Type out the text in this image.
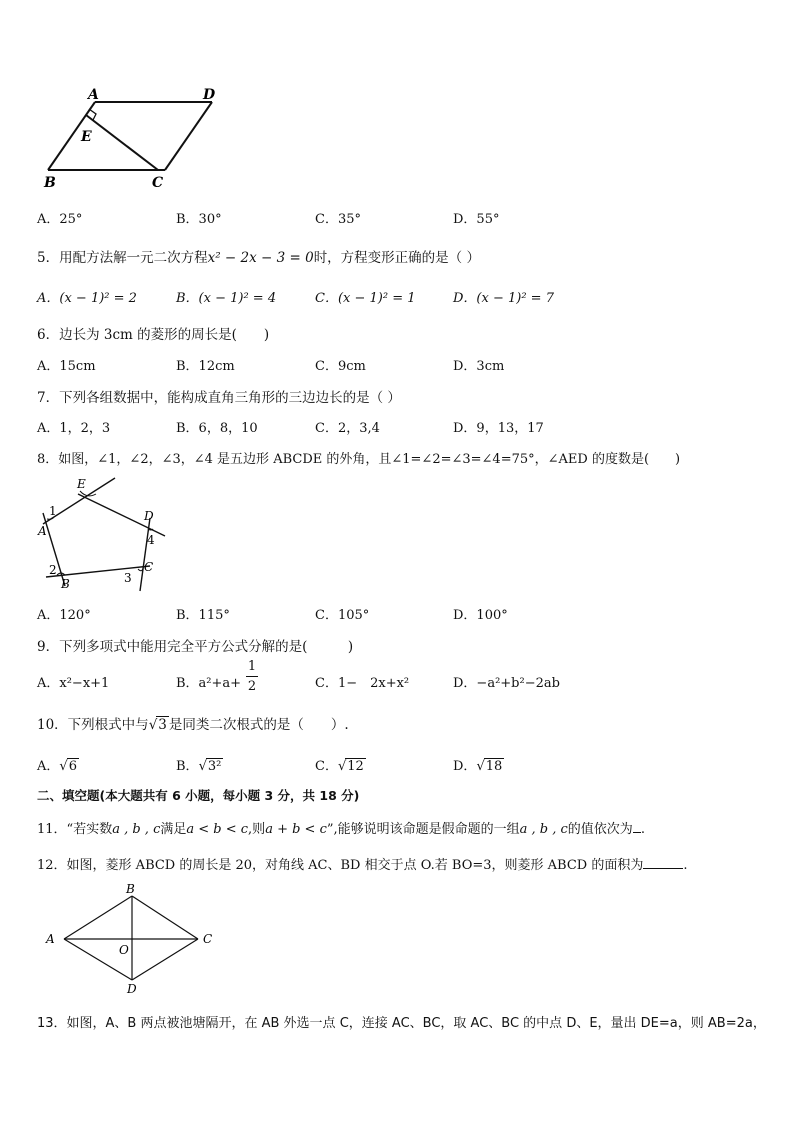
A	D
E
B	C
A．25°	B．30°	C．35°	D．55°
5．用配方法解一元二次方程x² − 2x − 3 = 0时，方程变形正确的是（ ）
A．(x − 1)² = 2	B．(x − 1)² = 4	C．(x − 1)² = 1	D．(x − 1)² = 7
6．边长为 3cm 的菱形的周长是(　　)
A．15cm	B．12cm	C．9cm	D．3cm
7．下列各组数据中，能构成直角三角形的三边边长的是（ ）
A．1，2，3	B．6，8，10	C．2，3,4	D．9，13，17
8．如图，∠1，∠2，∠3，∠4 是五边形 ABCDE 的外角，且∠1=∠2=∠3=∠4=75°，∠AED 的度数是(　　)
E
D
A
B
C
1
2
3
4
A．120°	B．115°	C．105°	D．100°
9．下列多项式中能用完全平方公式分解的是(　　　)
A．x²−x+1	B．a²+a+
1
2	C．1−　2x+x²	D．−a²+b²−2ab
10．下列根式中与√3 是同类二次根式的是（　　）.
A．√6	B．√3²	C．√12	D．√18
二、填空题(本大题共有 6 小题，每小题 3 分，共 18 分)
11．“若实数a , b , c满足a < b < c,则a + b < c”,能够说明该命题是假命题的一组a , b , c的值依次为 .
12．如图，菱形 ABCD 的周长是 20，对角线 AC、BD 相交于点 O.若 BO=3，则菱形 ABCD 的面积为	.
B
A	C
O
D
13．如图，A、B 两点被池塘隔开，在 AB 外选一点 C，连接 AC、BC，取 AC、BC 的中点 D、E，量出 DE=a，则 AB=2a，
